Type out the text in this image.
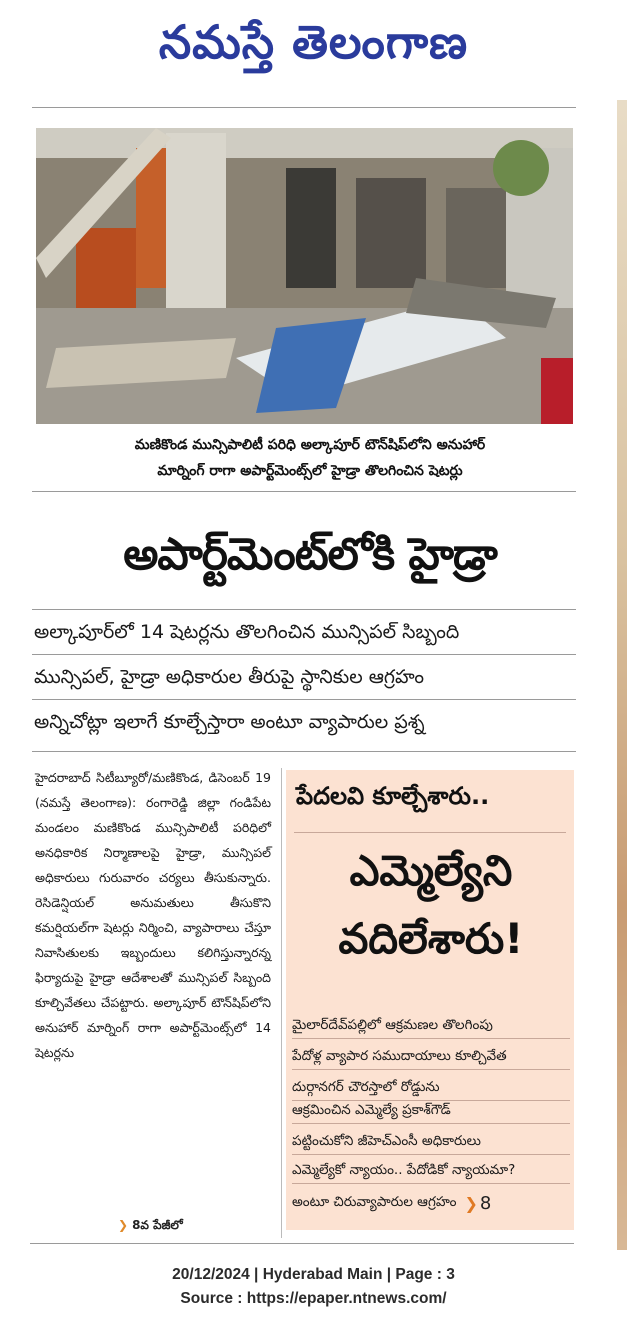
నమస్తే తెలంగాణ
మణికొండ మున్సిపాలిటీ పరిధి అల్కాపూర్ టౌన్‌షిప్‌లోని అనుహార్
మార్నింగ్ రాగా అపార్ట్‌మెంట్స్‌లో హైడ్రా తొలగించిన షెటర్లు
అపార్ట్‌మెంట్‌లోకి హైడ్రా
అల్కాపూర్‌లో 14 షెటర్లను తొలగించిన మున్సిపల్ సిబ్బంది
మున్సిపల్, హైడ్రా అధికారుల తీరుపై స్థానికుల ఆగ్రహం
అన్నిచోట్లా ఇలాగే కూల్చేస్తారా అంటూ వ్యాపారుల ప్రశ్న

హైదరాబాద్ సిటీబ్యూరో/మణికొండ, డిసెంబర్ 19 (నమస్తే తెలంగాణ): రంగారెడ్డి జిల్లా గండిపేట మండలం మణికొండ మున్సిపాలిటీ పరిధిలో అనధికారిక నిర్మాణాలపై హైడ్రా, మున్సిపల్ అధికారులు గురువారం చర్యలు తీసుకున్నారు. రెసిడెన్షియల్ అనుమతులు తీసుకొని కమర్షియల్‌గా షెటర్లు నిర్మించి, వ్యాపారాలు చేస్తూ నివాసితులకు ఇబ్బందులు కలిగిస్తున్నారన్న ఫిర్యాదుపై హైడ్రా ఆదేశాలతో మున్సిపల్ సిబ్బంది కూల్చివేతలు చేపట్టారు. అల్కాపూర్ టౌన్‌షిప్‌లోని అనుహార్ మార్నింగ్ రాగా అపార్ట్‌మెంట్స్‌లో 14 షెటర్లను

❯ 8వ పేజీలో
పేదలవి కూల్చేశారు..
ఎమ్మెల్యేని
వదిలేశారు!
మైలార్‌దేవ్‌పల్లిలో ఆక్రమణల తొలగింపు
పేదోళ్ల వ్యాపార సముదాయాలు కూల్చివేత
దుర్గానగర్ చౌరస్తాలో రోడ్డును
ఆక్రమించిన ఎమ్మెల్యే ప్రకాశ్‌గౌడ్
పట్టించుకోని జీహెచ్‌ఎంసీ అధికారులు
ఎమ్మెల్యేకో న్యాయం.. పేదోడికో న్యాయమా?
అంటూ చిరువ్యాపారుల ఆగ్రహం ❯ 8
20/12/2024 | Hyderabad Main | Page : 3
Source : https://epaper.ntnews.com/
